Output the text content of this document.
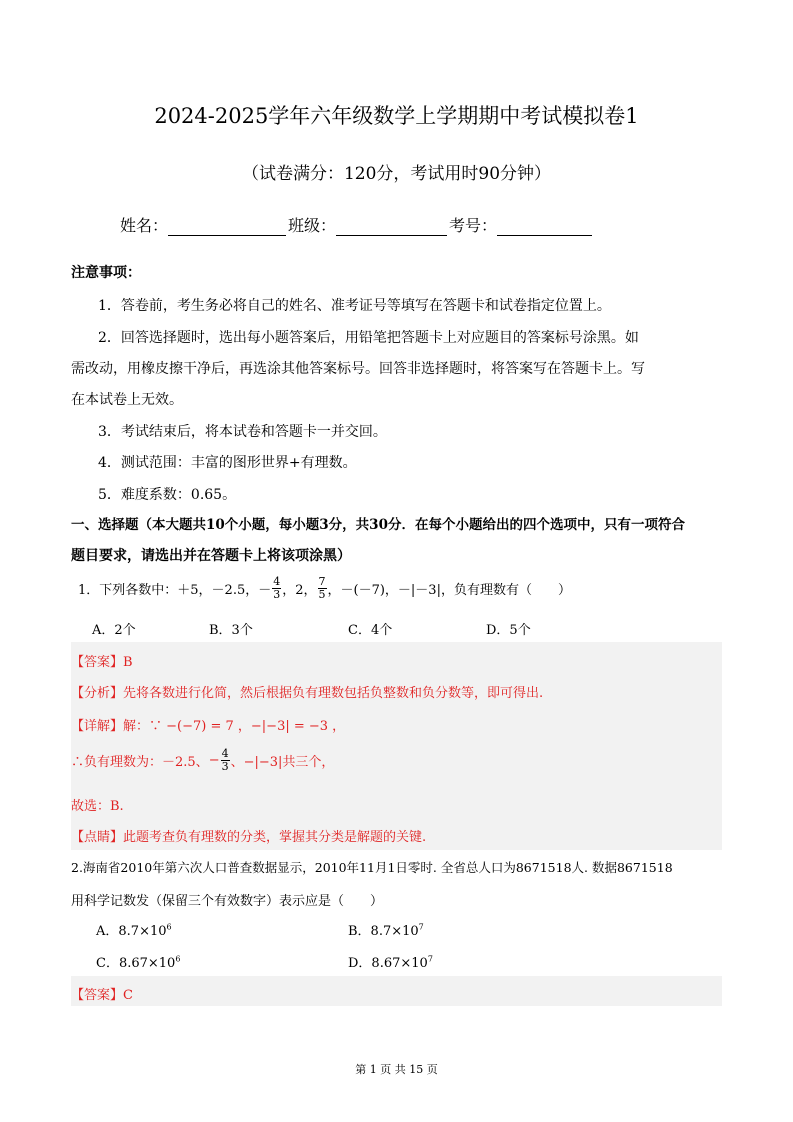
2024-2025学年六年级数学上学期期中考试模拟卷1
（试卷满分：120分，考试用时90分钟）
姓名：	班级：	考号：
注意事项：
1．答卷前，考生务必将自己的姓名、准考证号等填写在答题卡和试卷指定位置上。
2．回答选择题时，选出每小题答案后，用铅笔把答题卡上对应题目的答案标号涂黑。如
需改动，用橡皮擦干净后，再选涂其他答案标号。回答非选择题时，将答案写在答题卡上。写
在本试卷上无效。
3．考试结束后，将本试卷和答题卡一并交回。
4．测试范围：丰富的图形世界+有理数。
5．难度系数：0.65。
一、选择题（本大题共10个小题，每小题3分，共30分．在每个小题给出的四个选项中，只有一项符合
题目要求，请选出并在答题卡上将该项涂黑）
1．下列各数中：＋5，－2.5， － $\frac{4}{3}$ ，2， $\frac{7}{5}$ ，－(－7)，－|－3|，负有理数有（　　）
A．2个	B．3个	C．4个	D．5个
【答案】B
【分析】先将各数进行化简，然后根据负有理数包括负整数和负分数等，即可得出.
【详解】解：∵ −(−7) = 7 ，−|−3| = −3 ，
∴负有理数为：－2.5、 − $\frac{4}{3}$ 、−|−3|共三个，
故选：B.
【点睛】此题考查负有理数的分类，掌握其分类是解题的关键.
2.海南省2010年第六次人口普查数据显示，2010年11月1日零时. 全省总人口为8671518人. 数据8671518
用科学记数发（保留三个有效数字）表示应是（　　）
A．$8.7\times 10^6$	B．$8.7\times 10^7$
C．$8.67\times 10^6$	D．$8.67\times 10^7$
【答案】C
第 1 页 共 15 页
